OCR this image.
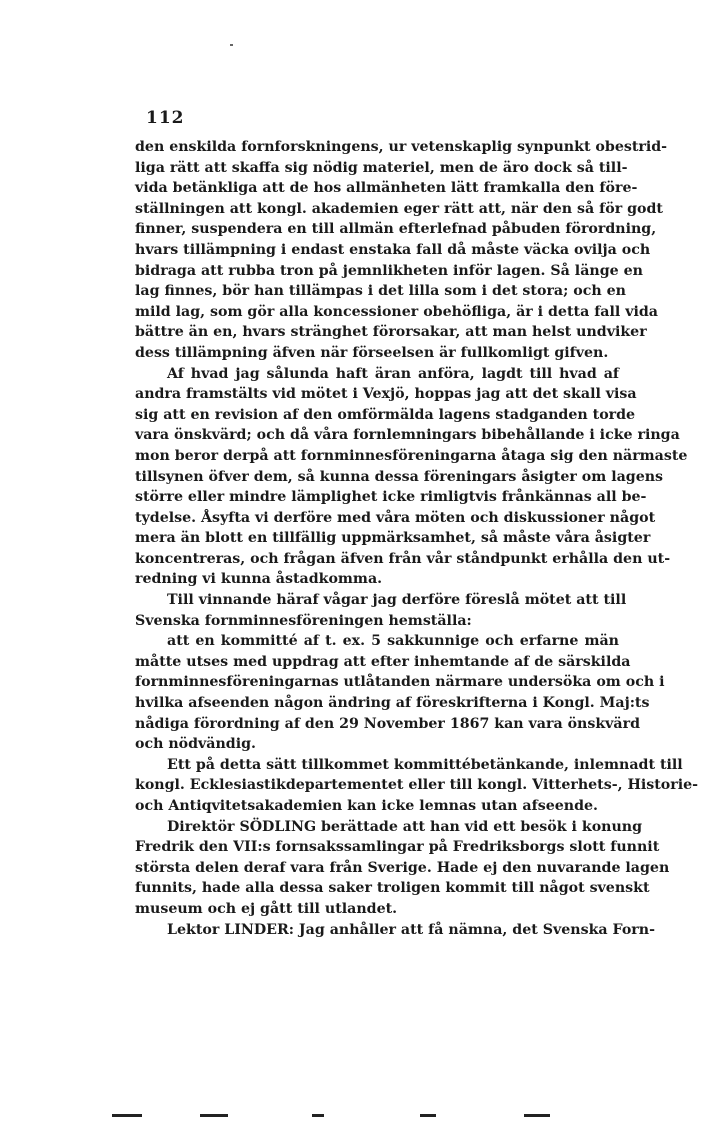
112
den enskilda fornforskningens, ur vetenskaplig synpunkt obestrid-
liga rätt att skaffa sig nödig materiel, men de äro dock så till-
vida betänkliga att de hos allmänheten lätt framkalla den före-
ställningen att kongl. akademien eger rätt att, när den så för godt
finner, suspendera en till allmän efterlefnad påbuden förordning,
hvars tillämpning i endast enstaka fall då måste väcka ovilja och
bidraga att rubba tron på jemnlikheten inför lagen. Så länge en
lag finnes, bör han tillämpas i det lilla som i det stora; och en
mild lag, som gör alla koncessioner obehöfliga, är i detta fall vida
bättre än en, hvars stränghet förorsakar, att man helst undviker
dess tillämpning äfven när förseelsen är fullkomligt gifven.
Af hvad jag sålunda haft äran anföra, lagdt till hvad af
andra framstälts vid mötet i Vexjö, hoppas jag att det skall visa
sig att en revision af den omförmälda lagens stadganden torde
vara önskvärd; och då våra fornlemningars bibehållande i icke ringa
mon beror derpå att fornminnesföreningarna åtaga sig den närmaste
tillsynen öfver dem, så kunna dessa föreningars åsigter om lagens
större eller mindre lämplighet icke rimligtvis frånkännas all be-
tydelse. Åsyfta vi derföre med våra möten och diskussioner något
mera än blott en tillfällig uppmärksamhet, så måste våra åsigter
koncentreras, och frågan äfven från vår ståndpunkt erhålla den ut-
redning vi kunna åstadkomma.
Till vinnande häraf vågar jag derföre föreslå mötet att till
Svenska fornminnesföreningen hemställa:
att en kommitté af t. ex. 5 sakkunnige och erfarne män
måtte utses med uppdrag att efter inhemtande af de särskilda
fornminnesföreningarnas utlåtanden närmare undersöka om och i
hvilka afseenden någon ändring af föreskrifterna i Kongl. Maj:ts
nådiga förordning af den 29 November 1867 kan vara önskvärd
och nödvändig.
Ett på detta sätt tillkommet kommittébetänkande, inlemnadt till
kongl. Ecklesiastikdepartementet eller till kongl. Vitterhets-, Historie-
och Antiqvitetsakademien kan icke lemnas utan afseende.
Direktör SÖDLING berättade att han vid ett besök i konung
Fredrik den VII:s fornsakssamlingar på Fredriksborgs slott funnit
största delen deraf vara från Sverige. Hade ej den nuvarande lagen
funnits, hade alla dessa saker troligen kommit till något svenskt
museum och ej gått till utlandet.
Lektor LINDER: Jag anhåller att få nämna, det Svenska Forn-
